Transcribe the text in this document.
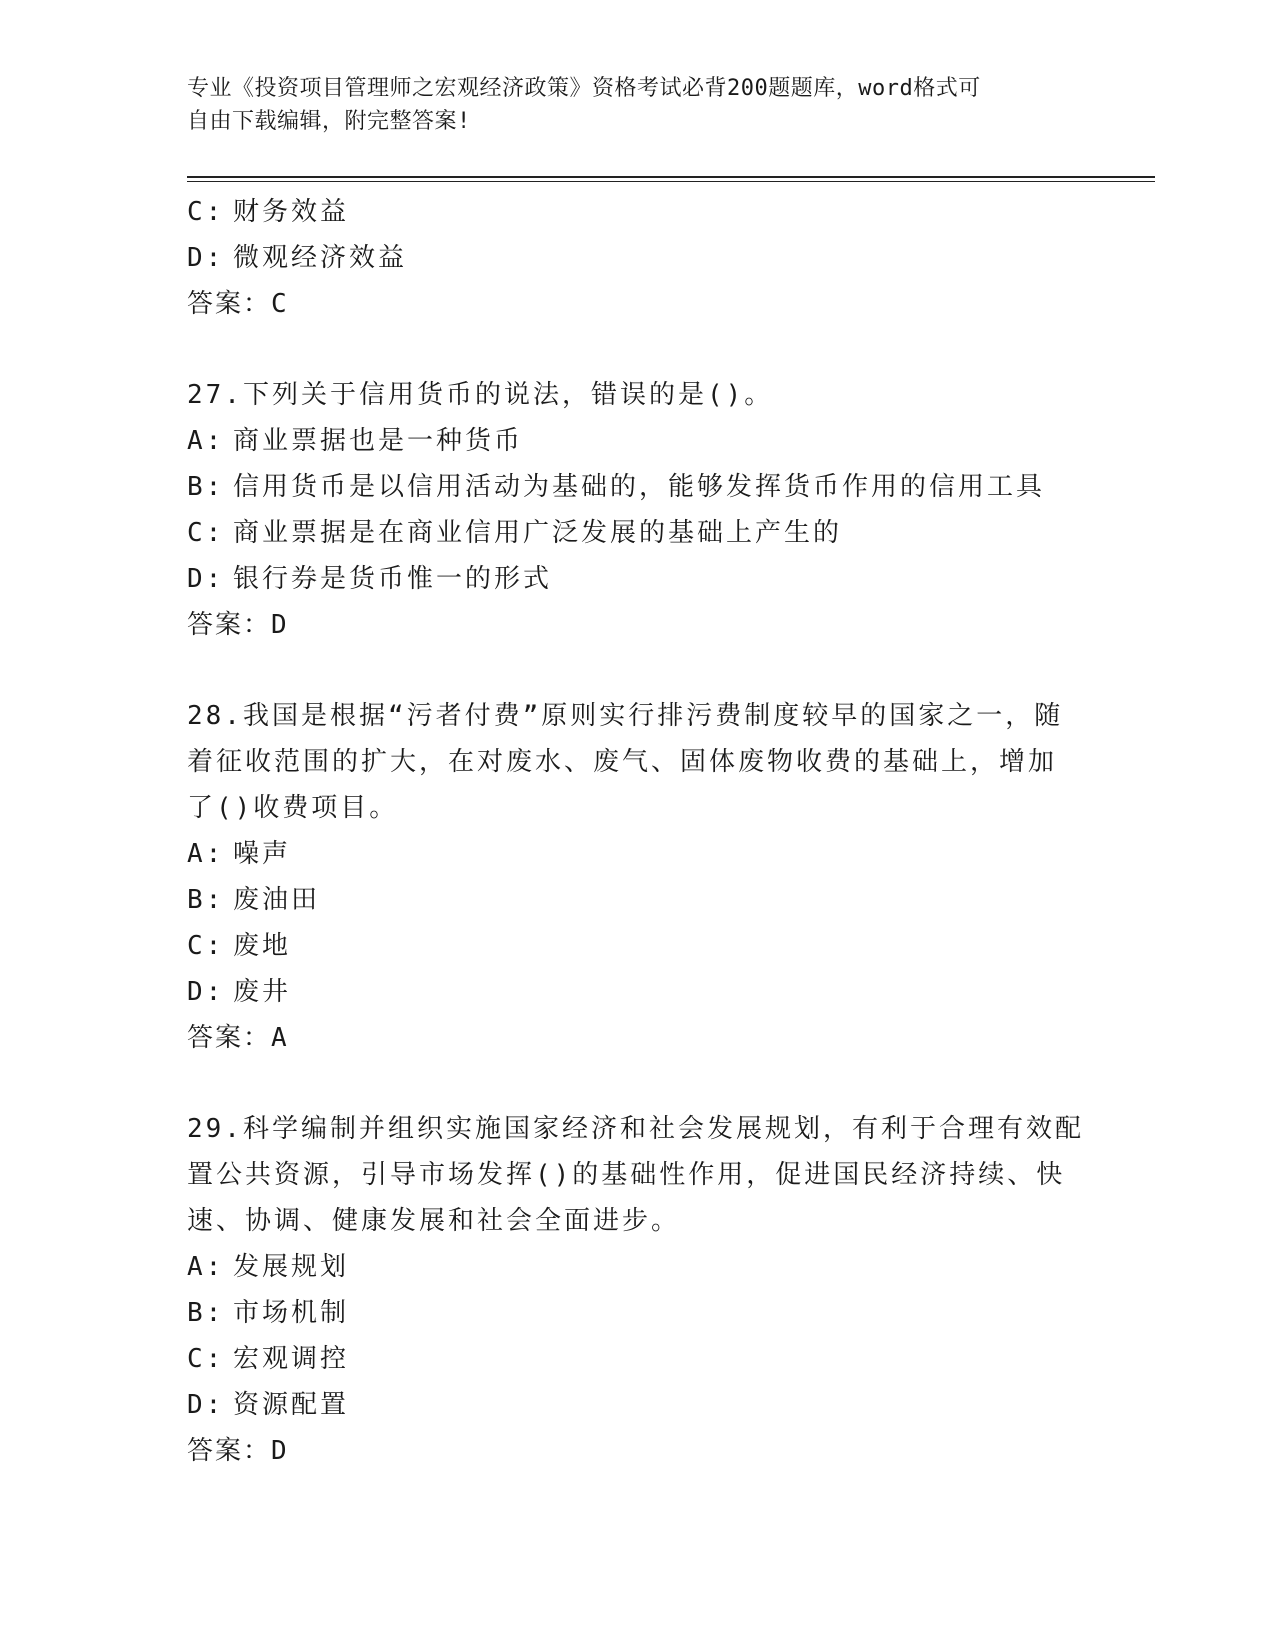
专业《投资项目管理师之宏观经济政策》资格考试必背200题题库，word格式可
自由下载编辑，附完整答案!
C: 财务效益
D: 微观经济效益
答案：C
27.下列关于信用货币的说法，错误的是()。
A: 商业票据也是一种货币
B: 信用货币是以信用活动为基础的，能够发挥货币作用的信用工具
C: 商业票据是在商业信用广泛发展的基础上产生的
D: 银行券是货币惟一的形式
答案：D
28.我国是根据“污者付费”原则实行排污费制度较早的国家之一，随
着征收范围的扩大，在对废水、废气、固体废物收费的基础上，增加
了()收费项目。
A: 噪声
B: 废油田
C: 废地
D: 废井
答案：A
29.科学编制并组织实施国家经济和社会发展规划，有利于合理有效配
置公共资源，引导市场发挥()的基础性作用，促进国民经济持续、快
速、协调、健康发展和社会全面进步。
A: 发展规划
B: 市场机制
C: 宏观调控
D: 资源配置
答案：D
